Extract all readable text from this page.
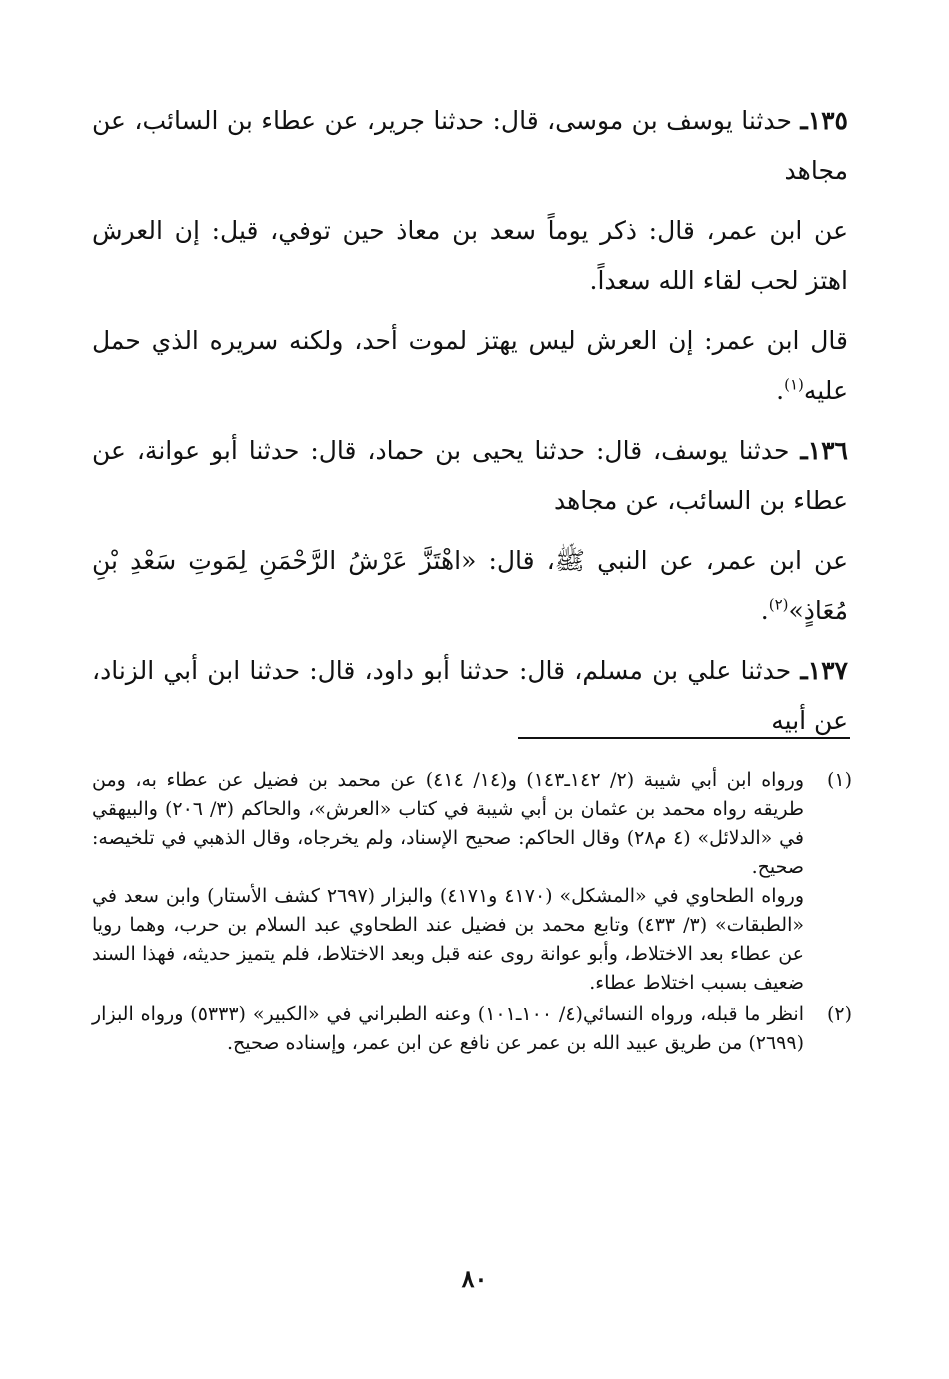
١٣٥ـ حدثنا يوسف بن موسى، قال: حدثنا جرير، عن عطاء بن السائب، عن مجاهد

عن ابن عمر، قال: ذكر يوماً سعد بن معاذ حين توفي، قيل: إن العرش اهتز لحب لقاء الله سعداً.

قال ابن عمر: إن العرش ليس يهتز لموت أحد، ولكنه سريره الذي حمل عليه$^{(١)}$.

١٣٦ـ حدثنا يوسف، قال: حدثنا يحيى بن حماد، قال: حدثنا أبو عوانة، عن عطاء بن السائب، عن مجاهد

عن ابن عمر، عن النبي ﷺ، قال: «اهْتَزَّ عَرْشُ الرَّحْمَنِ لِمَوتِ سَعْدِ بْنِ مُعَاذٍ»$^{(٢)}$.

١٣٧ـ حدثنا علي بن مسلم، قال: حدثنا أبو داود، قال: حدثنا ابن أبي الزناد، عن أبيه

(١)

ورواه ابن أبي شيبة (٢/ ١٤٢ـ١٤٣) و(١٤/ ٤١٤) عن محمد بن فضيل عن عطاء به، ومن طريقه رواه محمد بن عثمان بن أبي شيبة في كتاب «العرش»، والحاكم (٣/ ٢٠٦) والبيهقي في «الدلائل» (٤ م٢٨) وقال الحاكم: صحيح الإسناد، ولم يخرجاه، وقال الذهبي في تلخيصه: صحيح.

ورواه الطحاوي في «المشكل» (٤١٧٠ و٤١٧١) والبزار (٢٦٩٧ كشف الأستار) وابن سعد في «الطبقات» (٣/ ٤٣٣) وتابع محمد بن فضيل عند الطحاوي عبد السلام بن حرب، وهما رويا عن عطاء بعد الاختلاط، وأبو عوانة روى عنه قبل وبعد الاختلاط، فلم يتميز حديثه، فهذا السند ضعيف بسبب اختلاط عطاء.

(٢)

انظر ما قبله، ورواه النسائي(٤/ ١٠٠ـ١٠١) وعنه الطبراني في «الكبير» (٥٣٣٣) ورواه البزار (٢٦٩٩) من طريق عبيد الله بن عمر عن نافع عن ابن عمر، وإسناده صحيح.

٨٠
